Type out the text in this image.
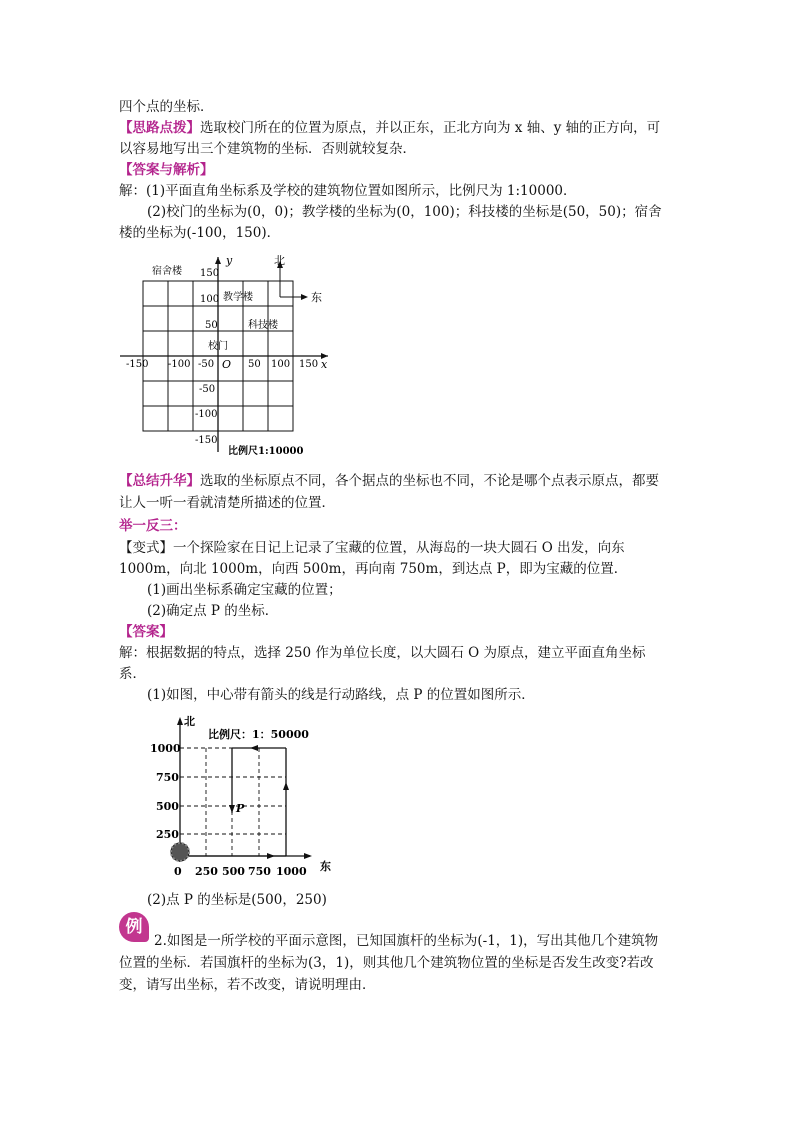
四个点的坐标．
【思路点拨】选取校门所在的位置为原点，并以正东，正北方向为 x 轴、y 轴的正方向，可
以容易地写出三个建筑物的坐标．否则就较复杂．
【答案与解析】
解：(1)平面直角坐标系及学校的建筑物位置如图所示，比例尺为 1:10000．
(2)校门的坐标为(0，0)；教学楼的坐标为(0，100)；科技楼的坐标是(50，50)；宿舍
楼的坐标为(-100，150)．
y
x
O
北
东
宿舍楼
教学楼
科技楼
校门
-150 -100 -50	50 100 150
150
100
50
-50
-100
-150
比例尺1:10000
【总结升华】选取的坐标原点不同，各个据点的坐标也不同，不论是哪个点表示原点，都要
让人一听一看就清楚所描述的位置．
举一反三：
【变式】一个探险家在日记上记录了宝藏的位置，从海岛的一块大圆石 O 出发，向东
1000m，向北 1000m，向西 500m，再向南 750m，到达点 P，即为宝藏的位置．
(1)画出坐标系确定宝藏的位置；
(2)确定点 P 的坐标．
【答案】
解：根据数据的特点，选择 250 作为单位长度，以大圆石 O 为原点，建立平面直角坐标
系．
(1)如图，中心带有箭头的线是行动路线，点 P 的位置如图所示．
北
东
比例尺：1：50000
P
1000
750
500
250
0 250 500 750 1000
(2)点 P 的坐标是(500，250)
例
2.如图是一所学校的平面示意图，已知国旗杆的坐标为(-1，1)，写出其他几个建筑物
位置的坐标．若国旗杆的坐标为(3，1)，则其他几个建筑物位置的坐标是否发生改变?若改
变，请写出坐标，若不改变，请说明理由．
